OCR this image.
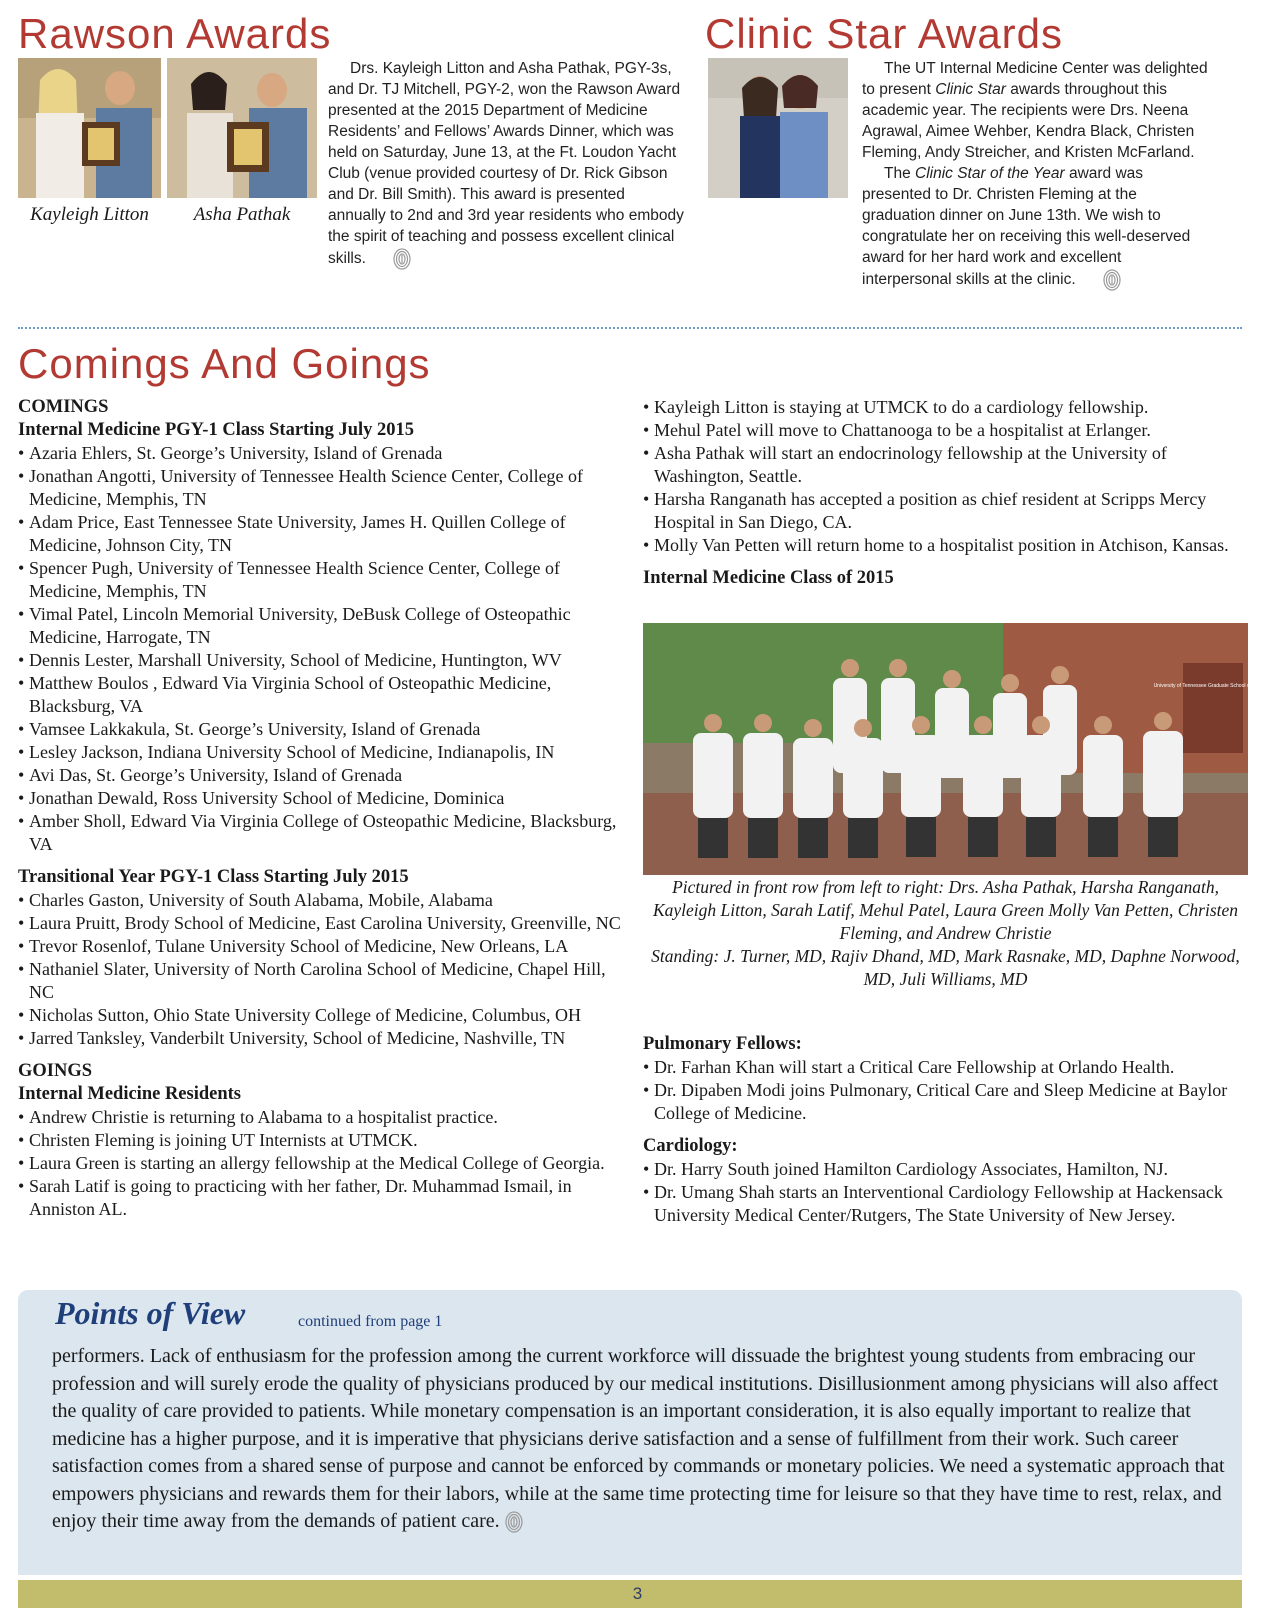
Rawson Awards
Kayleigh Litton	Asha Pathak

Drs. Kayleigh Litton and Asha Pathak, PGY-3s, and Dr. TJ Mitchell, PGY-2, won the Rawson Award presented at the 2015 Department of Medicine Residents’ and Fellows’ Awards Dinner, which was held on Saturday, June 13, at the Ft. Loudon Yacht Club (venue provided courtesy of Dr. Rick Gibson and Dr. Bill Smith). This award is presented annually to 2nd and 3rd year residents who embody the spirit of teaching and possess excellent clinical skills.

Clinic Star Awards

The UT Internal Medicine Center was delighted to present Clinic Star awards throughout this academic year. The recipients were Drs. Neena Agrawal, Aimee Wehber, Kendra Black, Christen Fleming, Andy Streicher, and Kristen McFarland.

The Clinic Star of the Year award was presented to Dr. Christen Fleming at the graduation dinner on June 13th. We wish to congratulate her on receiving this well-deserved award for her hard work and excellent interpersonal skills at the clinic.

Comings And Goings
COMINGS
Internal Medicine PGY-1 Class Starting July 2015
• Azaria Ehlers, St. George’s University, Island of Grenada
• Jonathan Angotti, University of Tennessee Health Science Center, College of Medicine, Memphis, TN
• Adam Price, East Tennessee State University, James H. Quillen College of Medicine, Johnson City, TN
• Spencer Pugh, University of Tennessee Health Science Center, College of Medicine, Memphis, TN
• Vimal Patel, Lincoln Memorial University, DeBusk College of Osteopathic Medicine, Harrogate, TN
• Dennis Lester, Marshall University, School of Medicine, Huntington, WV
• Matthew Boulos , Edward Via Virginia School of Osteopathic Medicine, Blacksburg, VA
• Vamsee Lakkakula, St. George’s University, Island of Grenada
• Lesley Jackson, Indiana University School of Medicine, Indianapolis, IN
• Avi Das, St. George’s University, Island of Grenada
• Jonathan Dewald, Ross University School of Medicine, Dominica
• Amber Sholl, Edward Via Virginia College of Osteopathic Medicine, Blacksburg, VA
Transitional Year PGY-1 Class Starting July 2015
• Charles Gaston, University of South Alabama, Mobile, Alabama
• Laura Pruitt, Brody School of Medicine, East Carolina University, Greenville, NC
• Trevor Rosenlof, Tulane University School of Medicine, New Orleans, LA
• Nathaniel Slater, University of North Carolina School of Medicine, Chapel Hill, NC
• Nicholas Sutton, Ohio State University College of Medicine, Columbus, OH
• Jarred Tanksley, Vanderbilt University, School of Medicine, Nashville, TN
GOINGS
Internal Medicine Residents
• Andrew Christie is returning to Alabama to a hospitalist practice.
• Christen Fleming is joining UT Internists at UTMCK.
• Laura Green is starting an allergy fellowship at the Medical College of Georgia.
• Sarah Latif is going to practicing with her father, Dr. Muhammad Ismail, in Anniston AL.
• Kayleigh Litton is staying at UTMCK to do a cardiology fellowship.
• Mehul Patel will move to Chattanooga to be a hospitalist at Erlanger.
• Asha Pathak will start an endocrinology fellowship at the University of Washington, Seattle.
• Harsha Ranganath has accepted a position as chief resident at Scripps Mercy Hospital in San Diego, CA.
• Molly Van Petten will return home to a hospitalist position in Atchison, Kansas.
Internal Medicine Class of 2015
University of Tennessee Graduate School of Medicine
Pictured in front row from left to right: Drs. Asha Pathak, Harsha Ranganath, Kayleigh Litton, Sarah Latif, Mehul Patel, Laura Green Molly Van Petten, Christen Fleming, and Andrew Christie
Standing: J. Turner, MD, Rajiv Dhand, MD, Mark Rasnake, MD, Daphne Norwood, MD, Juli Williams, MD
Pulmonary Fellows:
• Dr. Farhan Khan will start a Critical Care Fellowship at Orlando Health.
• Dr. Dipaben Modi joins Pulmonary, Critical Care and Sleep Medicine at Baylor College of Medicine.
Cardiology:
• Dr. Harry South joined Hamilton Cardiology Associates, Hamilton, NJ.
• Dr. Umang Shah starts an Interventional Cardiology Fellowship at Hackensack University Medical Center/Rutgers, The State University of New Jersey.
Points of View	continued from page 1
performers. Lack of enthusiasm for the profession among the current workforce will dissuade the brightest young students from embracing our profession and will surely erode the quality of physicians produced by our medical institutions. Disillusionment among physicians will also affect the quality of care provided to patients. While monetary compensation is an important consideration, it is also equally important to realize that medicine has a higher purpose, and it is imperative that physicians derive satisfaction and a sense of fulfillment from their work. Such career satisfaction comes from a shared sense of purpose and cannot be enforced by commands or monetary policies. We need a systematic approach that empowers physicians and rewards them for their labors, while at the same time protecting time for leisure so that they have time to rest, relax, and enjoy their time away from the demands of patient care.
3
